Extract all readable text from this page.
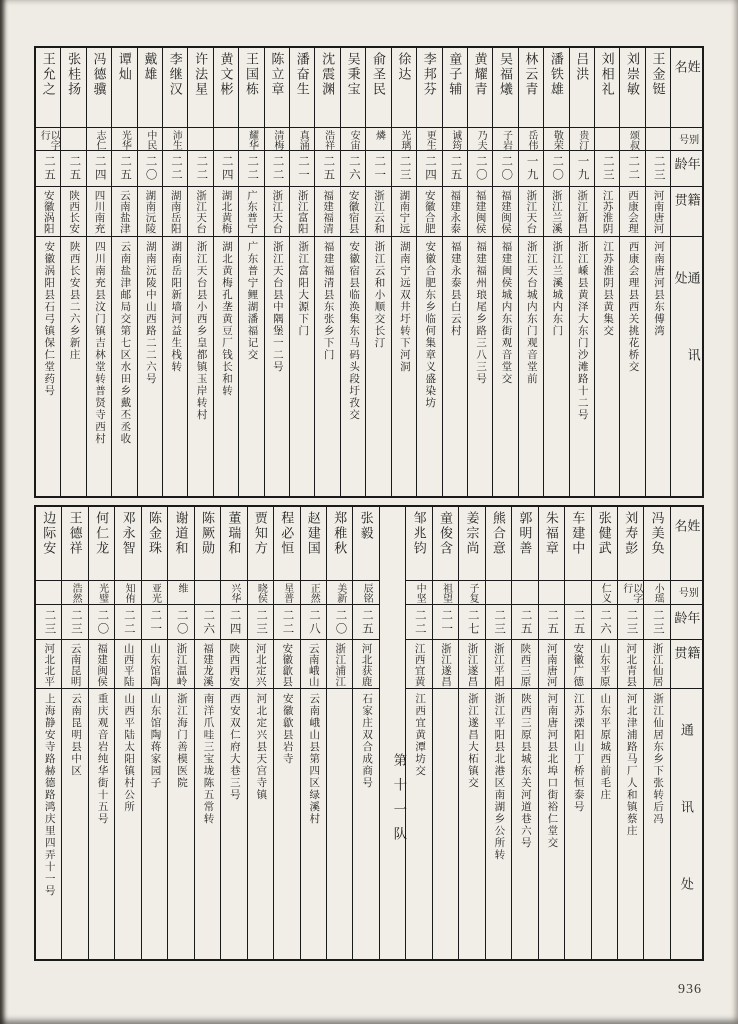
王允之
以字行
二五
安徽涡阳
安徽涡阳县石弓镇保仁堂药号
张桂扬
二五
陕西长安
陕西长安县二六乡新庄
冯德骥
志仁
二四
四川南充
四川南充县汶门镇吉林堂转普贤寺西村
谭灿
光华
二五
云南盐津
云南盐津邮局交第七区水田乡戴丕丞收
戴雄
中民
二〇
湖南沅陵
湖南沅陵中山西路二二六号
李继汉
沛生
二二
湖南岳阳
湖南岳阳新墙河益生栈转
许法星
二二
浙江天台
浙江天台县小西乡皇都镇玉岸转村
黄文彬
二四
湖北黄梅
湖北黄梅孔垄黄豆厂钱长和转
王国栋
耀华
二二
广东普宁
广东普宁鲤湖潘福记交
陈立章
清梅
二二
浙江天台
浙江天台县中隅堡一二号
潘奋生
真涌
二一
浙江富阳
浙江富阳大源下门
沈震渊
浩祥
二五
福建福清
福建福清县东张乡下门
吴秉宝
安宙
二六
安徽宿县
安徽宿县临涣集东马码头段圩孜交
俞圣民
燐
二一
浙江云和
浙江云和小顺交长汀
徐达
光璃
二三
湖南宁远
湖南宁远双井圩转下河洞
李邦芬
更生
二四
安徽合肥
安徽合肥东乡临何集章义盛染坊
童子辅
诚筠
二五
福建永泰
福建永泰县白云村
黄耀青
乃夫
二〇
福建闽侯
福建福州琅尾乡路三八三号
吴福爔
子岩
二〇
福建闽侯
福建闽侯城内东街观音堂交
林云青
岳伟
一九
浙江天台
浙江天台城内东门观音堂前
潘铁雄
敬荣
二〇
浙江兰溪
浙江兰溪城内东门
吕洪
贵汀
一九
浙江新昌
浙江嵊县黄泽大东门沙滩路十二号
刘相礼
二三
江苏淮阴
江苏淮阴县黄集交
刘崇敏
颂叔
二二
西康会理
西康会理县西关挑花桥交
王金铤
二三
河南唐河
河南唐河县东傅湾
姓名
别号
年龄
籍贯
通讯处
边际安
二三
河北北平
上海静安寺路赫德路鸿庆里四弄十一号
王德祥
浩然
二三
云南昆明
云南昆明县中区
何仁龙
光璧
二〇
福建闽侯
重庆观音岩纯华街十五号
邓永智
知侑
二二
山西平陆
山西平陆太阳镇村公所
陈金珠
亚光
二一
山东馆陶
山东馆陶蒋家园子
谢道和
维
二〇
浙江温岭
浙江海门善模医院
陈厥勋
二六
福建龙溪
南洋爪哇三宝垅陈五常转
董瑞和
兴华
二四
陕西西安
西安双仁府大巷三号
贾知方
晓侯
二三
河北定兴
河北定兴县天宫寺镇
程必恒
星普
二二
安徽歙县
安徽歙县岩寺
赵建国
正然
二八
云南峨山
云南峨山县第四区绿溪村
郑稚秋
美新
二〇
浙江浦江
张毅
辰铭
二五
河北获鹿
石家庄双合成商号
第十一队
邹兆钧
中坚
二二
江西宜黄
江西宜黄潭坊交
童俊含
祖望
二一
浙江遂昌
姜宗尚
子复
二七
浙江遂昌
浙江遂昌大柘镇交
熊合意
二三
浙江平阳
浙江平阳县北港区南湖乡公所转
郭明善
二五
陕西三原
陕西三原县城东关河道巷六号
朱福章
二五
河南唐河
河南唐河县北埠口街裕仁堂交
车建中
二五
安徽广德
江苏溧阳山丁桥恒泰号
张健武
仁义
二六
山东平原
山东平原城西前毛庄
刘寿彭
以字行
二三
河北青县
河北津浦路马厂人和镇蔡庄
冯美奂
小瑶
二三
浙江仙居
浙江仙居东乡下张转后冯
姓名
别号
年龄
籍贯
通讯处
936
